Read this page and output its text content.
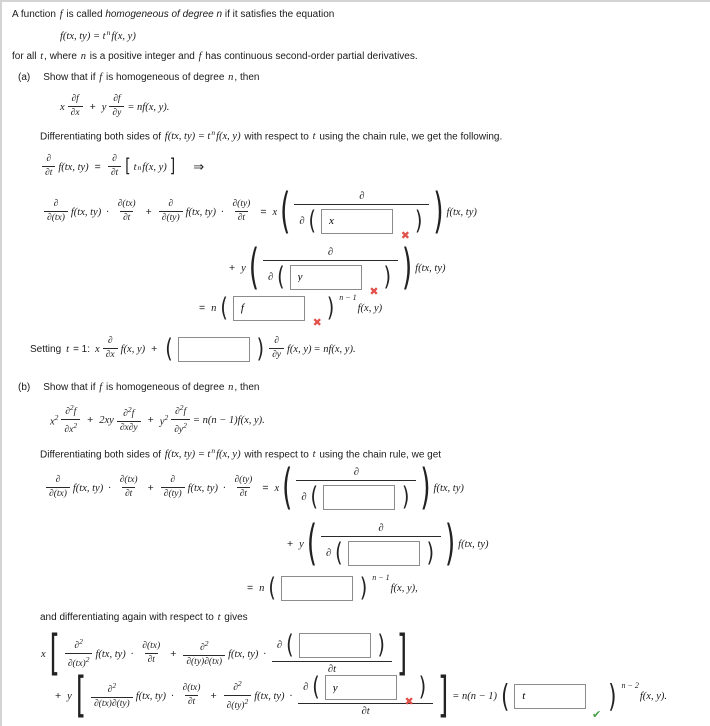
A function f is called homogeneous of degree n if it satisfies the equation
f(tx, $ty) = t^nf(x$, y)
for all t, where n is a positive integer and f has continuous second-order partial derivatives.
(a) Show that if f is homogeneous of degree n, then
x $\frac{\partial f}{\partial x} + y \frac{\partial f}{\partial y} = nf(x$, y).
Differentiating both sides of f(tx, $ty) = t^nf(x$, y) with respect to t using the chain rule, we get the following.
$\frac{\partial}{\partial t} f(tx$, $ty) = \frac{\partial}{\partial t}$ [ t n f(x, y) ] ⇒
$\frac{\partial}{\partial(tx)} f(tx$, $ty) \cdot \frac{\partial(tx)}{\partial t} + \frac{\partial}{\partial(ty)} f(tx$, $ty) \cdot \frac{\partial(ty)}{\partial t} = x$ (	∂
∂ (
x	✖ ) ) f(tx, ty)
+ y (	∂
∂ (
y	✖ ) ) f(tx, ty)
= n (
f	✖ ) n − 1
f(x, y)
Setting t = 1: x $\frac{\partial}{\partial x} f(x$, y) + (	) $\frac{\partial}{\partial y} f(x$, y) = nf(x, y).
(b) Show that if f is homogeneous of degree n, then
$x^2 \frac{\partial^2f}{\partial x^2} + 2xy \frac{\partial^2f}{\partial x\partial y} + y^2 \frac{\partial^2f}{\partial y^2} = n(n - 1)f(x$, y).
Differentiating both sides of f(tx, $ty) = t^nf(x$, y) with respect to t using the chain rule, we get
$\frac{\partial}{\partial(tx)} f(tx$, $ty) \cdot \frac{\partial(tx)}{\partial t} + \frac{\partial}{\partial(ty)} f(tx$, $ty) \cdot \frac{\partial(ty)}{\partial t} = x$ (	∂
∂ (	) ) f(tx, ty)
+ y (	∂
∂ (	) ) f(tx, ty)
= n (	) n − 1
f(x, y),
and differentiating again with respect to t gives
x [ $\frac{\partial^2}{\partial(tx)^2} f(tx$, $ty) \cdot \frac{\partial(tx)}{\partial t} + \frac{\partial^2}{\partial(ty)\partial(tx)} f(tx$, ty) ·
∂ (	)
∂t	]
+ y [ $\frac{\partial^2}{\partial(tx)\partial(ty)} f(tx$, $ty) \cdot \frac{\partial(tx)}{\partial t} + \frac{\partial^2}{\partial(ty)^2} f(tx$, ty) ·
∂ (
y	✖ )
∂t	] = n(n − 1) (
t
✔
) n − 2
f(x, y).
